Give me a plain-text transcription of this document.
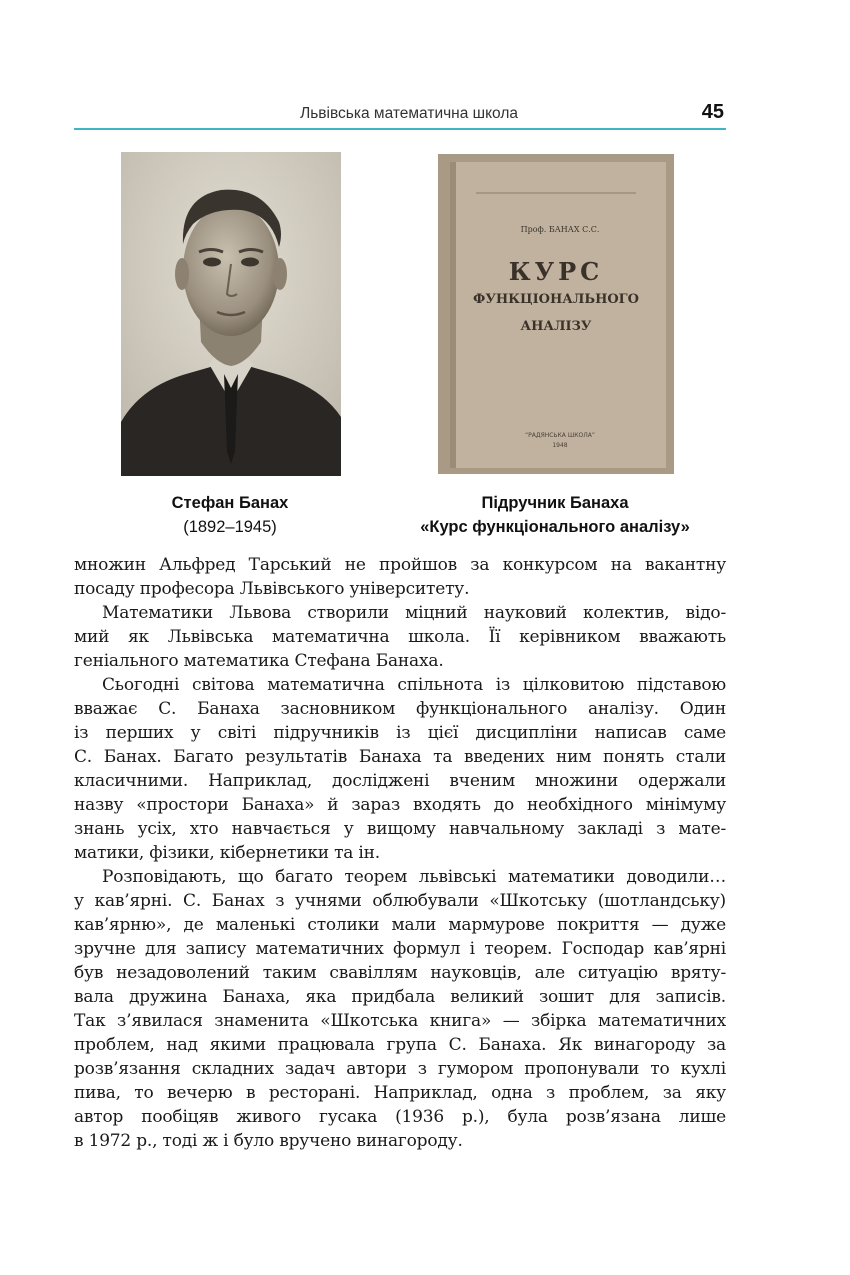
Львівська математична школа	45
Проф. БАНАХ С.С.
КУРС
ФУНКЦІОНАЛЬНОГО
АНАЛІЗУ
“РАДЯНСЬКА ШКОЛА”
1948
Стефан Банах
(1892–1945)
Підручник Банаха
«Курс функціонального аналізу»

множин Альфред Тарський не пройшов за конкурсом на вакантну
посаду професора Львівського університету.

Математики Львова створили міцний науковий колектив, відо-
мий як Львівська математична школа. Її керівником вважають
геніального математика Стефана Банаха.

Сьогодні світова математична спільнота із цілковитою підставою
вважає С. Банаха засновником функціонального аналізу. Один
із перших у світі підручників із цієї дисципліни написав саме
С. Банах. Багато результатів Банаха та введених ним понять стали
класичними. Наприклад, досліджені вченим множини одержали
назву «простори Банаха» й зараз входять до необхідного мінімуму
знань усіх, хто навчається у вищому навчальному закладі з мате-
матики, фізики, кібернетики та ін.

Розповідають, що багато теорем львівські математики доводили…
у кав’ярні. С. Банах з учнями облюбували «Шкотську (шотландську)
кав’ярню», де маленькі столики мали мармурове покриття — дуже
зручне для запису математичних формул і теорем. Господар кав’ярні
був незадоволений таким свавіллям науковців, але ситуацію вряту-
вала дружина Банаха, яка придбала великий зошит для записів.
Так з’явилася знаменита «Шкотська книга» — збірка математичних
проблем, над якими працювала група С. Банаха. Як винагороду за
розв’язання складних задач автори з гумором пропонували то кухлі
пива, то вечерю в ресторані. Наприклад, одна з проблем, за яку
автор пообіцяв живого гусака (1936 р.), була розв’язана лише
в 1972 р., тоді ж і було вручено винагороду.
